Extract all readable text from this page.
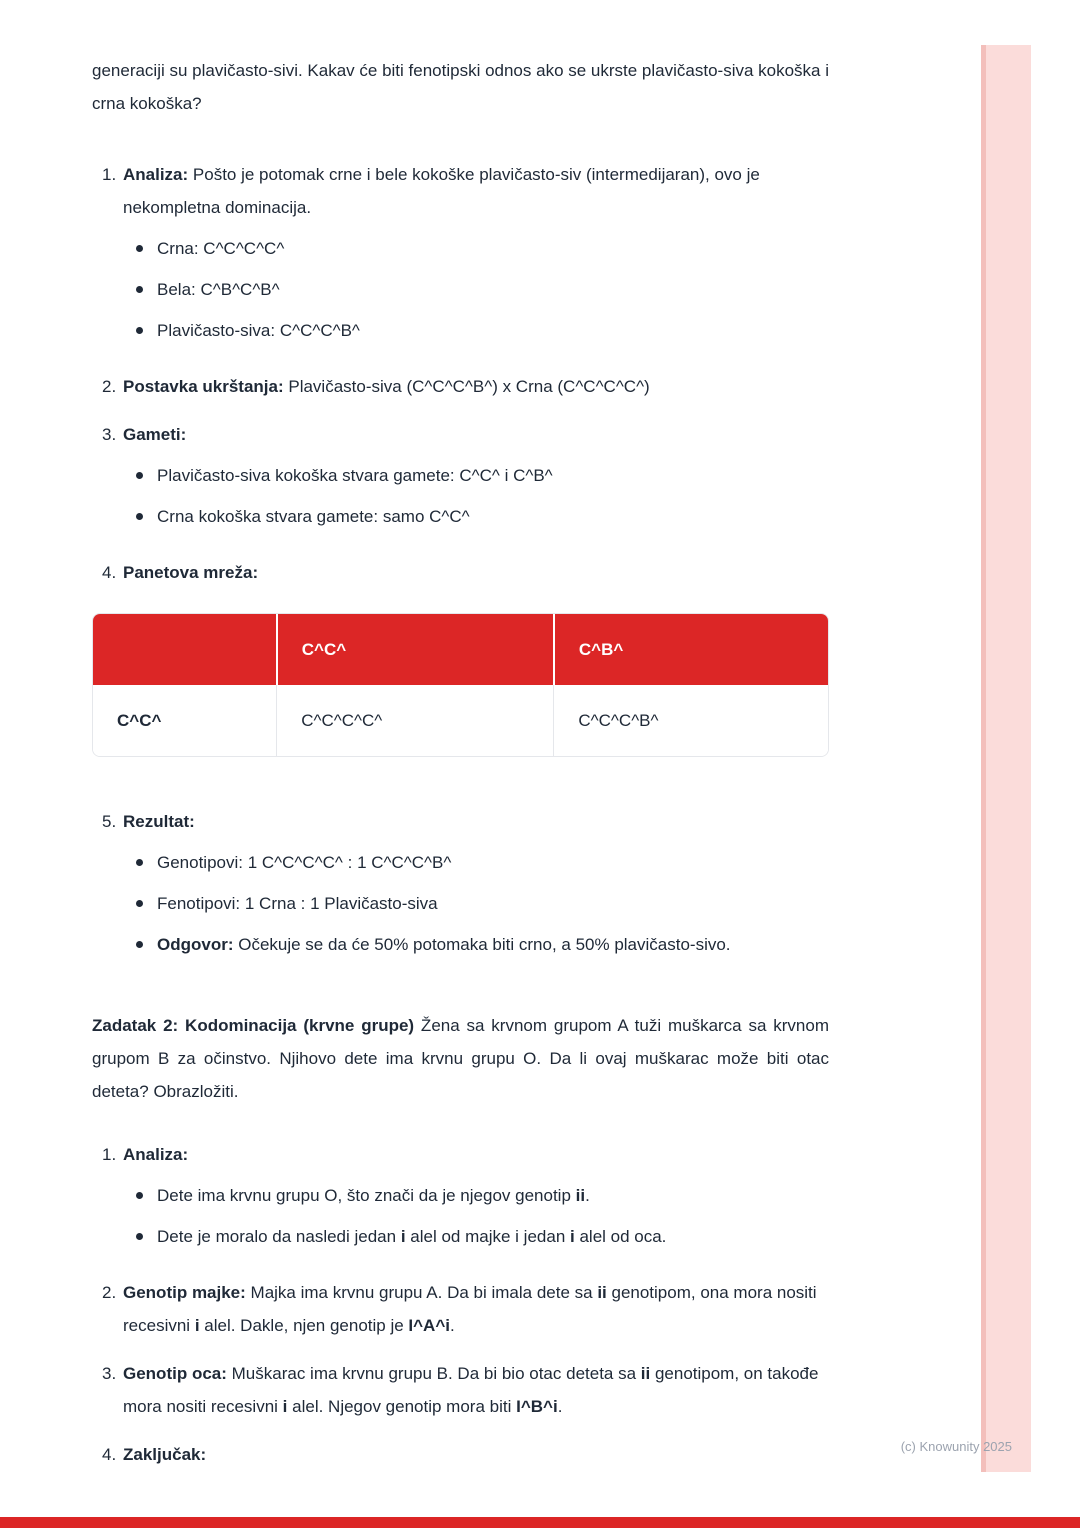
generaciji su plavičasto-sivi. Kakav će biti fenotipski odnos ako se ukrste plavičasto-siva kokoška i crna kokoška?

1. Analiza: Pošto je potomak crne i bele kokoške plavičasto-siv (intermedijaran), ovo je nekompletna dominacija.
Crna: C^C^C^C^
Bela: C^B^C^B^
Plavičasto-siva: C^C^C^B^
2. Postavka ukrštanja: Plavičasto-siva (C^C^C^B^) x Crna (C^C^C^C^)
3. Gameti:
Plavičasto-siva kokoška stvara gamete: C^C^ i C^B^
Crna kokoška stvara gamete: samo C^C^
4. Panetova mreža:
	C^C^	C^B^
C^C^	C^C^C^C^	C^C^C^B^
5. Rezultat:
Genotipovi: 1 C^C^C^C^ : 1 C^C^C^B^
Fenotipovi: 1 Crna : 1 Plavičasto-siva
Odgovor: Očekuje se da će 50% potomaka biti crno, a 50% plavičasto-sivo.

Zadatak 2: Kodominacija (krvne grupe) Žena sa krvnom grupom A tuži muškarca sa krvnom grupom B za očinstvo. Njihovo dete ima krvnu grupu O. Da li ovaj muškarac može biti otac deteta? Obrazložiti.

1. Analiza:
Dete ima krvnu grupu O, što znači da je njegov genotip ii.
Dete je moralo da nasledi jedan i alel od majke i jedan i alel od oca.
2. Genotip majke: Majka ima krvnu grupu A. Da bi imala dete sa ii genotipom, ona mora nositi recesivni i alel. Dakle, njen genotip je I^A^i.
3. Genotip oca: Muškarac ima krvnu grupu B. Da bi bio otac deteta sa ii genotipom, on takođe mora nositi recesivni i alel. Njegov genotip mora biti I^B^i.
4. Zaključak:	(c) Knowunity 2025
